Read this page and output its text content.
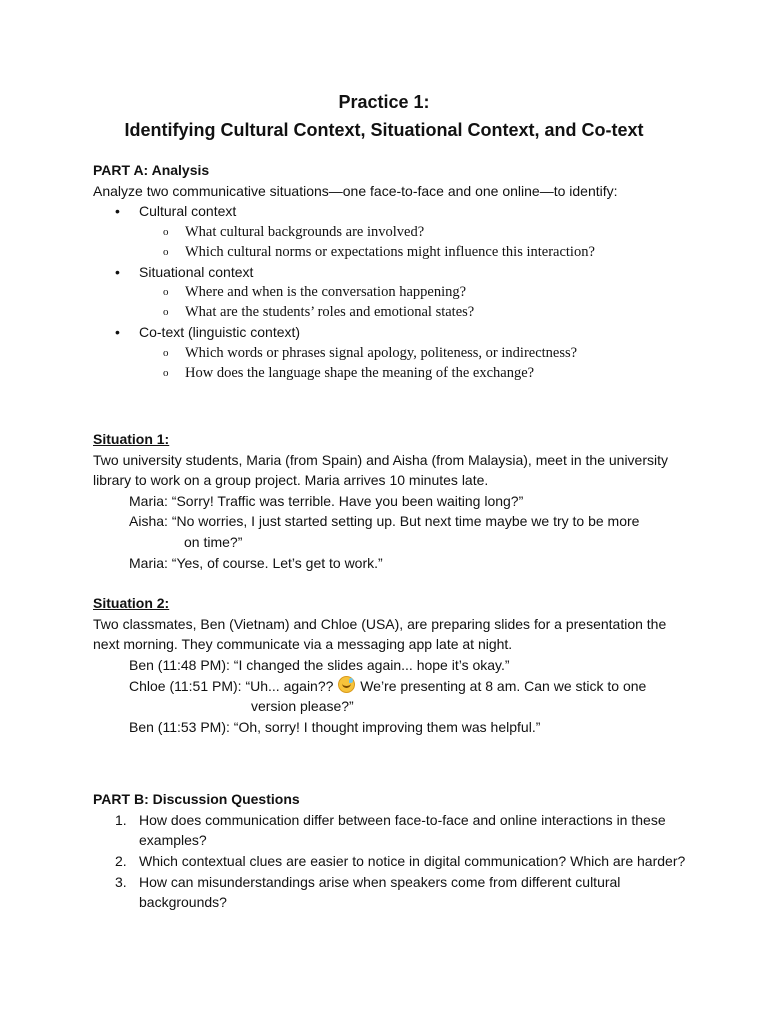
Practice 1:
Identifying Cultural Context, Situational Context, and Co-text
PART A: Analysis
Analyze two communicative situations—one face-to-face and one online—to identify:
• Cultural context
o What cultural backgrounds are involved?
o Which cultural norms or expectations might influence this interaction?
• Situational context
o Where and when is the conversation happening?
o What are the students’ roles and emotional states?
• Co-text (linguistic context)
o Which words or phrases signal apology, politeness, or indirectness?
o How does the language shape the meaning of the exchange?
Situation 1:
Two university students, Maria (from Spain) and Aisha (from Malaysia), meet in the university library to work on a group project. Maria arrives 10 minutes late.
Maria: “Sorry! Traffic was terrible. Have you been waiting long?”
Aisha: “No worries, I just started setting up. But next time maybe we try to be more
on time?”
Maria: “Yes, of course. Let’s get to work.”
Situation 2:
Two classmates, Ben (Vietnam) and Chloe (USA), are preparing slides for a presentation the next morning. They communicate via a messaging app late at night.
Ben (11:48 PM): “I changed the slides again... hope it’s okay.”
Chloe (11:51 PM): “Uh... again??  We’re presenting at 8 am. Can we stick to one
version please?”
Ben (11:53 PM): “Oh, sorry! I thought improving them was helpful.”
PART B: Discussion Questions
1. How does communication differ between face-to-face and online interactions in these examples?
2. Which contextual clues are easier to notice in digital communication? Which are harder?
3. How can misunderstandings arise when speakers come from different cultural backgrounds?
